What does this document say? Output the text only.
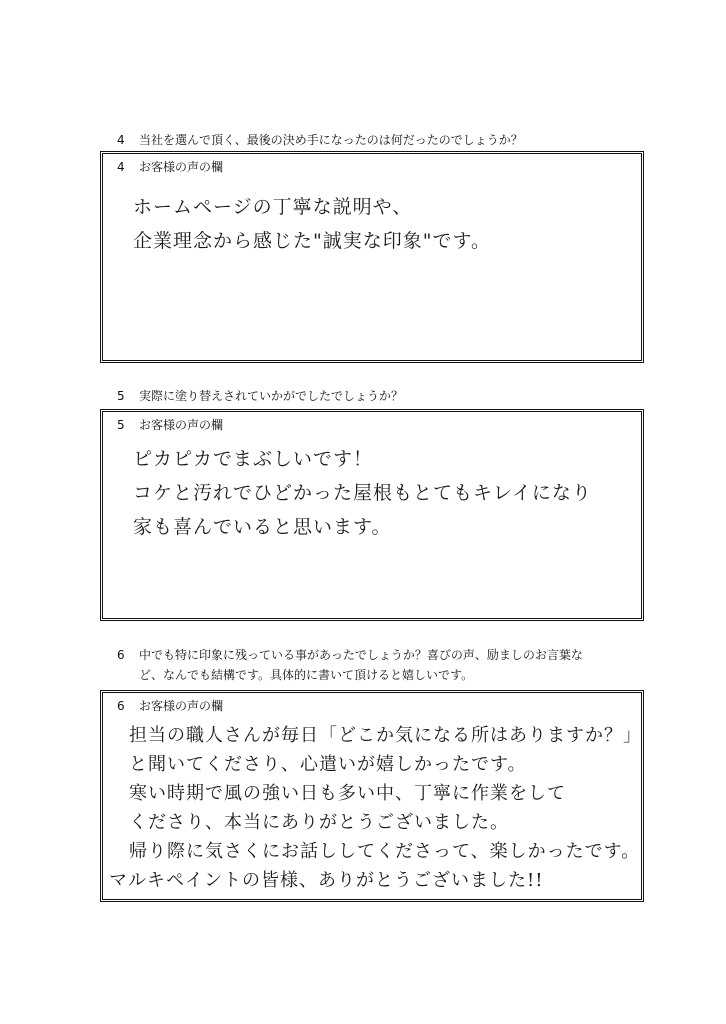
4 当社を選んで頂く、最後の決め手になったのは何だったのでしょうか？
4 お客様の声の欄
ホームページの丁寧な説明や、
企業理念から感じた"誠実な印象"です。
5 実際に塗り替えされていかがでしたでしょうか？
5 お客様の声の欄
ピカピカでまぶしいです！
コケと汚れでひどかった屋根もとてもキレイになり
家も喜んでいると思います。
6 中でも特に印象に残っている事があったでしょうか？喜びの声、励ましのお言葉な
ど、なんでも結構です。具体的に書いて頂けると嬉しいです。
6 お客様の声の欄
担当の職人さんが毎日「どこか気になる所はありますか？」
と聞いてくださり、心遣いが嬉しかったです。
寒い時期で風の強い日も多い中、丁寧に作業をして
くださり、本当にありがとうございました。
帰り際に気さくにお話ししてくださって、楽しかったです。
マルキペイントの皆様、ありがとうございました!!
